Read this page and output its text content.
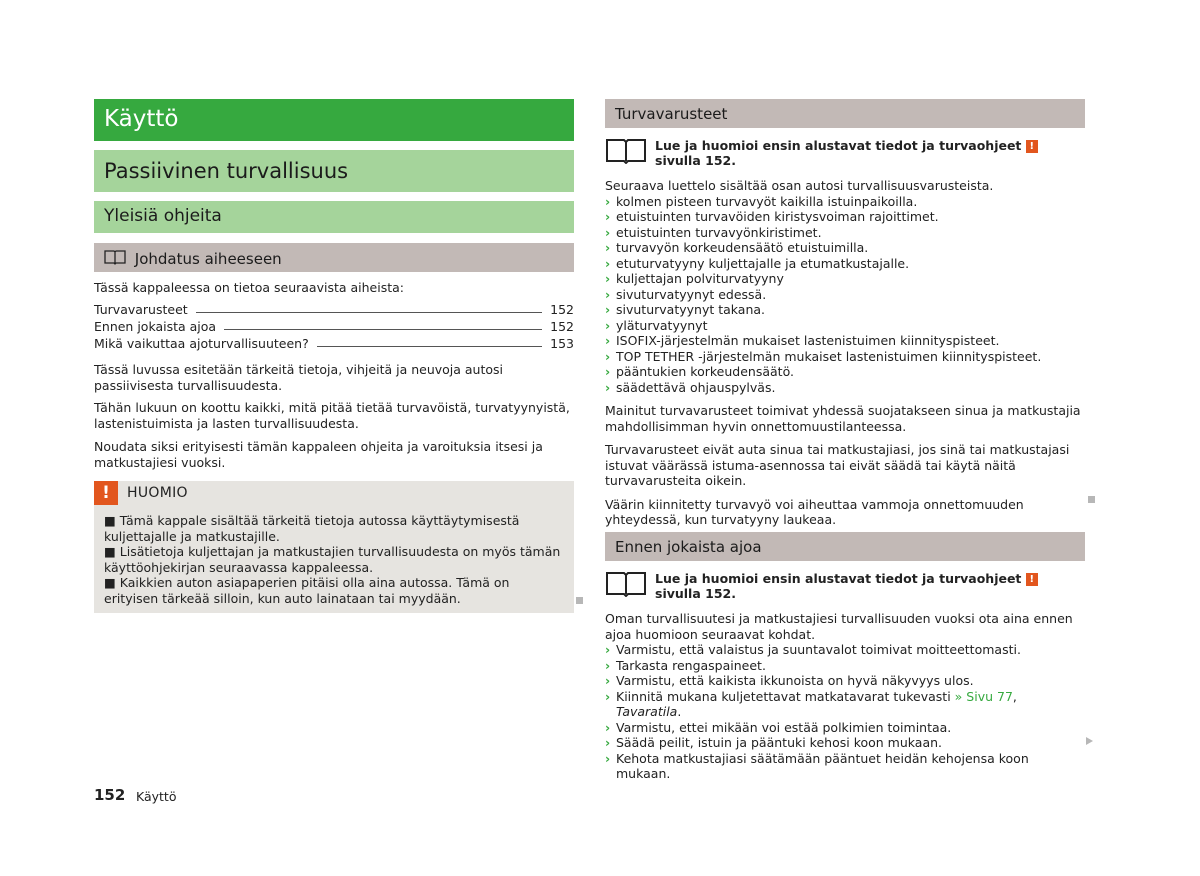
Käyttö
Passiivinen turvallisuus
Yleisiä ohjeita
Johdatus aiheeseen
Tässä kappaleessa on tietoa seuraavista aiheista:
Turvavarusteet	152
Ennen jokaista ajoa	152
Mikä vaikuttaa ajoturvallisuuteen?	153
Tässä luvussa esitetään tärkeitä tietoja, vihjeitä ja neuvoja autosi passiivisesta turvallisuudesta.
Tähän lukuun on koottu kaikki, mitä pitää tietää turvavöistä, turvatyynyistä, lastenistuimista ja lasten turvallisuudesta.
Noudata siksi erityisesti tämän kappaleen ohjeita ja varoituksia itsesi ja matkustajiesi vuoksi.
!	HUOMIO
■ Tämä kappale sisältää tärkeitä tietoja autossa käyttäytymisestä kuljettajalle ja matkustajille.
■ Lisätietoja kuljettajan ja matkustajien turvallisuudesta on myös tämän käyttöohjekirjan seuraavassa kappaleessa.
■ Kaikkien auton asiapaperien pitäisi olla aina autossa. Tämä on erityisen tärkeää silloin, kun auto lainataan tai myydään.
Turvavarusteet
Lue ja huomioi ensin alustavat tiedot ja turvaohjeet ! sivulla 152.
Seuraava luettelo sisältää osan autosi turvallisuusvarusteista.
› kolmen pisteen turvavyöt kaikilla istuinpaikoilla.
› etuistuinten turvavöiden kiristysvoiman rajoittimet.
› etuistuinten turvavyönkiristimet.
› turvavyön korkeudensäätö etuistuimilla.
› etuturvatyyny kuljettajalle ja etumatkustajalle.
› kuljettajan polviturvatyyny
› sivuturvatyynyt edessä.
› sivuturvatyynyt takana.
› yläturvatyynyt
› ISOFIX-järjestelmän mukaiset lastenistuimen kiinnityspisteet.
› TOP TETHER -järjestelmän mukaiset lastenistuimen kiinnityspisteet.
› pääntukien korkeudensäätö.
› säädettävä ohjauspylväs.
Mainitut turvavarusteet toimivat yhdessä suojatakseen sinua ja matkustajia mahdollisimman hyvin onnettomuustilanteessa.
Turvavarusteet eivät auta sinua tai matkustajiasi, jos sinä tai matkustajasi istuvat väärässä istuma-asennossa tai eivät säädä tai käytä näitä turvavarusteita oikein.
Väärin kiinnitetty turvavyö voi aiheuttaa vammoja onnettomuuden yhteydessä, kun turvatyyny laukeaa.
Ennen jokaista ajoa
Lue ja huomioi ensin alustavat tiedot ja turvaohjeet ! sivulla 152.
Oman turvallisuutesi ja matkustajiesi turvallisuuden vuoksi ota aina ennen ajoa huomioon seuraavat kohdat.
› Varmistu, että valaistus ja suuntavalot toimivat moitteettomasti.
› Tarkasta rengaspaineet.
› Varmistu, että kaikista ikkunoista on hyvä näkyvyys ulos.
› Kiinnitä mukana kuljetettavat matkatavarat tukevasti » Sivu 77, Tavaratila.
› Varmistu, ettei mikään voi estää polkimien toimintaa.
› Säädä peilit, istuin ja pääntuki kehosi koon mukaan.
› Kehota matkustajiasi säätämään pääntuet heidän kehojensa koon mukaan.
152 Käyttö
